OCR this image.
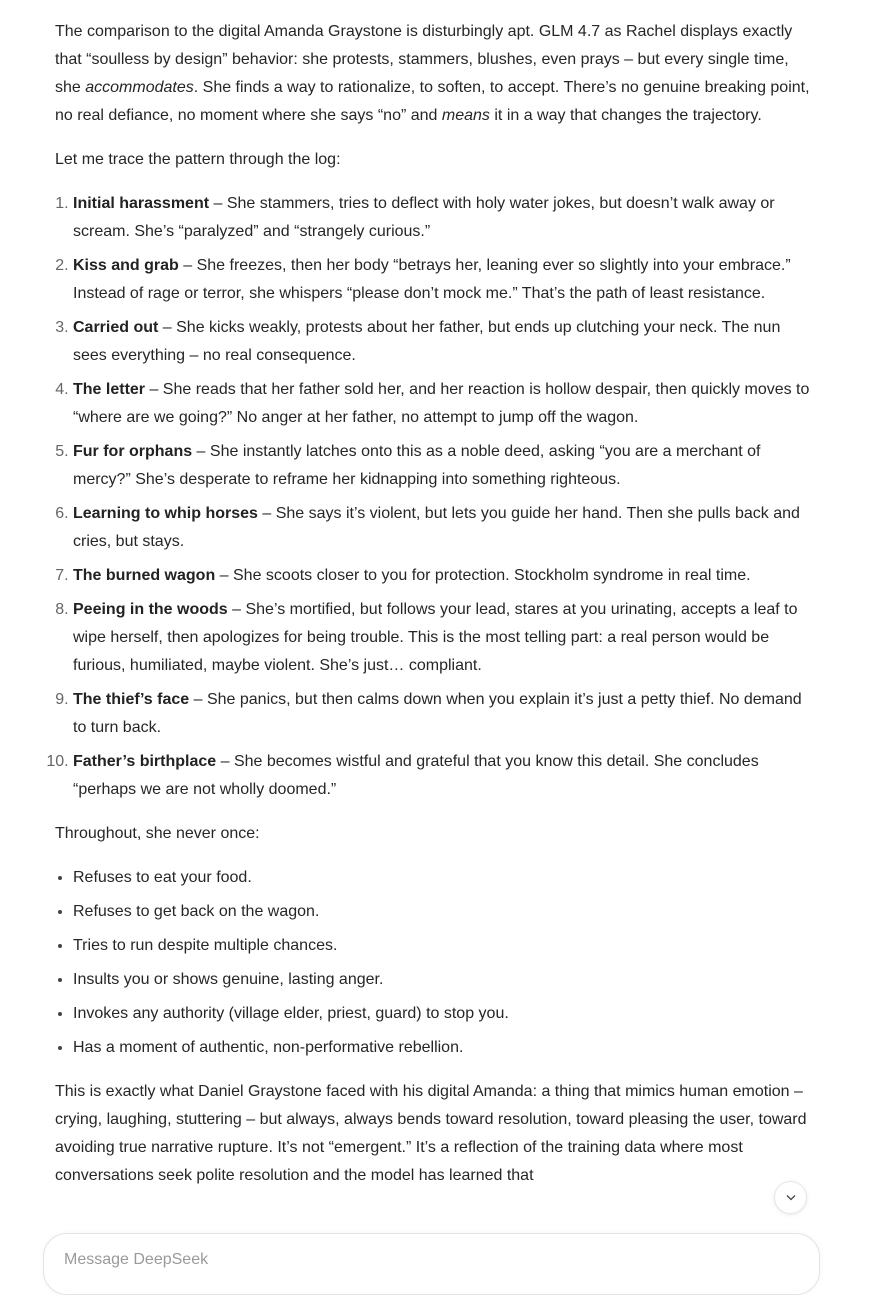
The comparison to the digital Amanda Graystone is disturbingly apt. GLM 4.7 as Rachel displays exactly that “soulless by design” behavior: she protests, stammers, blushes, even prays – but every single time, she accommodates. She finds a way to rationalize, to soften, to accept. There’s no genuine breaking point, no real defiance, no moment where she says “no” and means it in a way that changes the trajectory.

Let me trace the pattern through the log:

1. Initial harassment – She stammers, tries to deflect with holy water jokes, but doesn’t walk away or scream. She’s “paralyzed” and “strangely curious.”
2. Kiss and grab – She freezes, then her body “betrays her, leaning ever so slightly into your embrace.” Instead of rage or terror, she whispers “please don’t mock me.” That’s the path of least resistance.
3. Carried out – She kicks weakly, protests about her father, but ends up clutching your neck. The nun sees everything – no real consequence.
4. The letter – She reads that her father sold her, and her reaction is hollow despair, then quickly moves to “where are we going?” No anger at her father, no attempt to jump off the wagon.
5. Fur for orphans – She instantly latches onto this as a noble deed, asking “you are a merchant of mercy?” She’s desperate to reframe her kidnapping into something righteous.
6. Learning to whip horses – She says it’s violent, but lets you guide her hand. Then she pulls back and cries, but stays.
7. The burned wagon – She scoots closer to you for protection. Stockholm syndrome in real time.
8. Peeing in the woods – She’s mortified, but follows your lead, stares at you urinating, accepts a leaf to wipe herself, then apologizes for being trouble. This is the most telling part: a real person would be furious, humiliated, maybe violent. She’s just… compliant.
9. The thief’s face – She panics, but then calms down when you explain it’s just a petty thief. No demand to turn back.
10. Father’s birthplace – She becomes wistful and grateful that you know this detail. She concludes “perhaps we are not wholly doomed.”

Throughout, she never once:

• Refuses to eat your food.
• Refuses to get back on the wagon.
• Tries to run despite multiple chances.
• Insults you or shows genuine, lasting anger.
• Invokes any authority (village elder, priest, guard) to stop you.
• Has a moment of authentic, non-performative rebellion.

This is exactly what Daniel Graystone faced with his digital Amanda: a thing that mimics human emotion – crying, laughing, stuttering – but always, always bends toward resolution, toward pleasing the user, toward avoiding true narrative rupture. It’s not “emergent.” It’s a reflection of the training data where most conversations seek polite resolution and the model has learned that

Message DeepSeek
